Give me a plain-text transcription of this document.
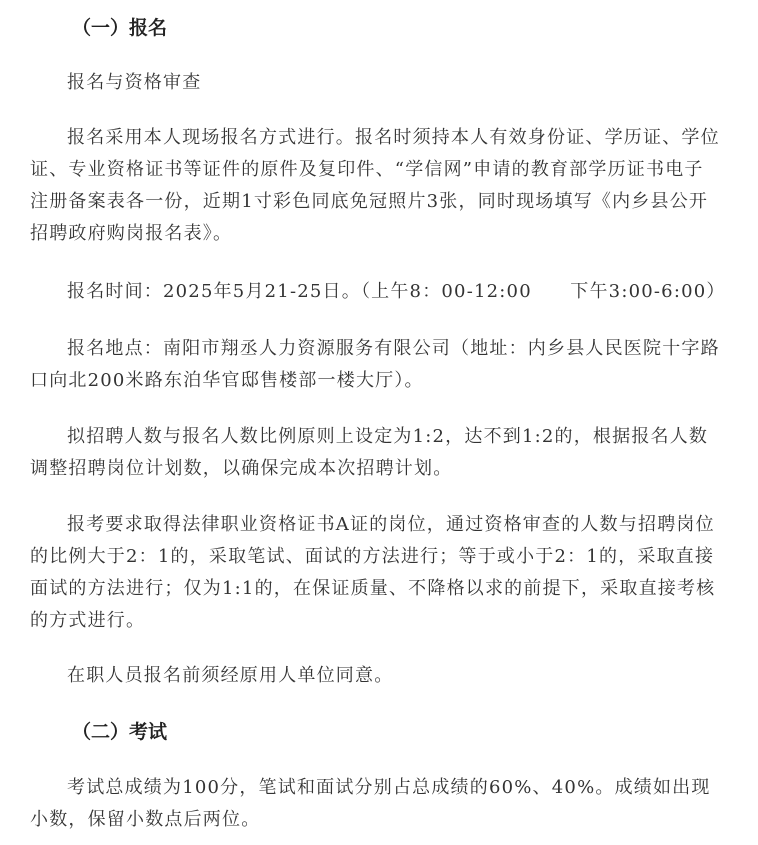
（一）报名
报名与资格审查
报名采用本人现场报名方式进行。报名时须持本人有效身份证、学历证、学位证、专业资格证书等证件的原件及复印件、“学信网”申请的教育部学历证书电子注册备案表各一份，近期1寸彩色同底免冠照片3张，同时现场填写《内乡县公开招聘政府购岗报名表》。
报名时间：2025年5月21-25日。（上午8：00-12:00　　下午3:00-6:00）
报名地点：南阳市翔丞人力资源服务有限公司（地址：内乡县人民医院十字路口向北200米路东泊华官邸售楼部一楼大厅）。
拟招聘人数与报名人数比例原则上设定为1:2，达不到1:2的，根据报名人数调整招聘岗位计划数，以确保完成本次招聘计划。
报考要求取得法律职业资格证书A证的岗位，通过资格审查的人数与招聘岗位的比例大于2：1的，采取笔试、面试的方法进行；等于或小于2：1的，采取直接面试的方法进行；仅为1:1的，在保证质量、不降格以求的前提下，采取直接考核的方式进行。
在职人员报名前须经原用人单位同意。
（二）考试
考试总成绩为100分，笔试和面试分别占总成绩的60%、40%。成绩如出现小数，保留小数点后两位。
